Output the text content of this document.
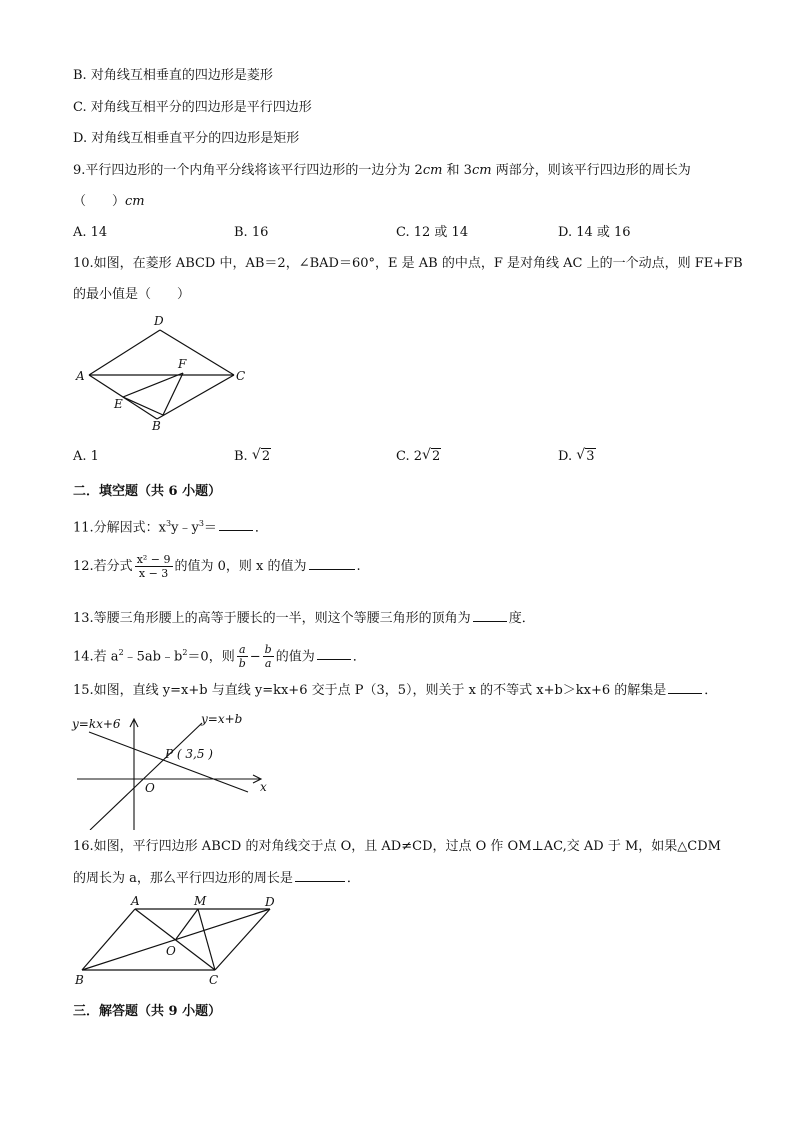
B. 对角线互相垂直的四边形是菱形
C. 对角线互相平分的四边形是平行四边形
D. 对角线互相垂直平分的四边形是矩形
9.平行四边形的一个内角平分线将该平行四边形的一边分为 2cm 和 3cm 两部分，则该平行四边形的周长为
（　　）cm
A. 14	B. 16	C. 12 或 14	D. 14 或 16
10.如图，在菱形 ABCD 中，AB＝2，∠BAD＝60°，E 是 AB 的中点，F 是对角线 AC 上的一个动点，则 FE+FB
的最小值是（　　）
D
A
F
C
E
B
A. 1	B. √ 2	C. 2 √ 2	D. √ 3
二．填空题（共 6 小题）
11.分解因式：$x^3y﹣y^3=$	．
12.若分式 $\frac{\text{x² − 9}}{x - 3}$ 的值为 0，则 x 的值为	.
13.等腰三角形腰上的高等于腰长的一半，则这个等腰三角形的顶角为	度．
14.若 $a^2﹣5ab﹣b^2=0$，则 $\frac{a}{b} - \frac{b}{a}$ 的值为	．
15.如图，直线 y=x+b 与直线 y=kx+6 交于点 P（3，5），则关于 x 的不等式 x+b＞kx+6 的解集是	．
y=kx+6	y=x+b
P ( 3,5 )
O	x
16.如图，平行四边形 ABCD 的对角线交于点 O，且 AD≠CD，过点 O 作 OM⊥AC,交 AD 于 M，如果△CDM
的周长为 a，那么平行四边形的周长是	．
A	M	D
O
B	C
三．解答题（共 9 小题）
